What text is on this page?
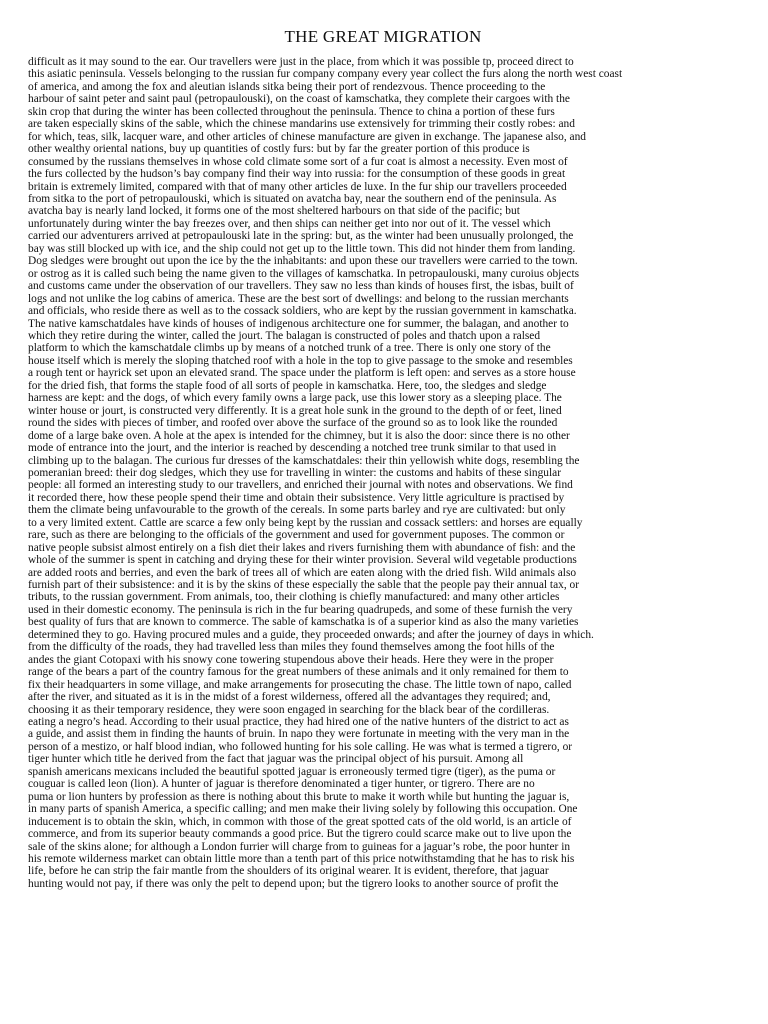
THE GREAT MIGRATION
difficult as it may sound to the ear. Our travellers were just in the place, from which it was possible tp, proceed direct to
this asiatic peninsula. Vessels belonging to the russian fur company company every year collect the furs along the north west coast
of america, and among the fox and aleutian islands sitka being their port of rendezvous. Thence proceeding to the
harbour of saint peter and saint paul (petropaulouski), on the coast of kamschatka, they complete their cargoes with the
skin crop that during the winter has been collected throughout the peninsula. Thence to china a portion of these furs
are taken especially skins of the sable, which the chinese mandarins use extensively for trimming their costly robes: and
for which, teas, silk, lacquer ware, and other articles of chinese manufacture are given in exchange. The japanese also, and
other wealthy oriental nations, buy up quantities of costly furs: but by far the greater portion of this produce is
consumed by the russians themselves in whose cold climate some sort of a fur coat is almost a necessity. Even most of
the furs collected by the hudson’s bay company find their way into russia: for the consumption of these goods in great
britain is extremely limited, compared with that of many other articles de luxe. In the fur ship our travellers proceeded
from sitka to the port of petropaulouski, which is situated on avatcha bay, near the southern end of the peninsula. As
avatcha bay is nearly land locked, it forms one of the most sheltered harbours on that side of the pacific; but
unfortunately during winter the bay freezes over, and then ships can neither get into nor out of it. The vessel which
carried our adventurers arrived at petropaulouski late in the spring: but, as the winter had been unusually prolonged, the
bay was still blocked up with ice, and the ship could not get up to the little town. This did not hinder them from landing.
Dog sledges were brought out upon the ice by the the inhabitants: and upon these our travellers were carried to the town.
or ostrog as it is called such being the name given to the villages of kamschatka. In petropaulouski, many curoius objects
and customs came under the observation of our travellers. They saw no less than kinds of houses first, the isbas, built of
logs and not unlike the log cabins of america. These are the best sort of dwellings: and belong to the russian merchants
and officials, who reside there as well as to the cossack soldiers, who are kept by the russian government in kamschatka.
The native kamschatdales have kinds of houses of indigenous architecture one for summer, the balagan, and another to
which they retire during the winter, called the jourt. The balagan is constructed of poles and thatch upon a ralsed
platform to which the kamschatdale climbs up by means of a notched trunk of a tree. There is only one story of the
house itself which is merely the sloping thatched roof with a hole in the top to give passage to the smoke and resembles
a rough tent or hayrick set upon an elevated srand. The space under the platform is left open: and serves as a store house
for the dried fish, that forms the staple food of all sorts of people in kamschatka. Here, too, the sledges and sledge
harness are kept: and the dogs, of which every family owns a large pack, use this lower story as a sleeping place. The
winter house or jourt, is constructed very differently. It is a great hole sunk in the ground to the depth of or feet, lined
round the sides with pieces of timber, and roofed over above the surface of the ground so as to look like the rounded
dome of a large bake oven. A hole at the apex is intended for the chimney, but it is also the door: since there is no other
mode of entrance into the jourt, and the interior is reached by descending a notched tree trunk similar to that used in
climbing up to the balagan. The curious fur dresses of the kamschatdales: their thin yellowish white dogs, resembling the
pomeranian breed: their dog sledges, which they use for travelling in winter: the customs and habits of these singular
people: all formed an interesting study to our travellers, and enriched their journal with notes and observations. We find
it recorded there, how these people spend their time and obtain their subsistence. Very little agriculture is practised by
them the climate being unfavourable to the growth of the cereals. In some parts barley and rye are cultivated: but only
to a very limited extent. Cattle are scarce a few only being kept by the russian and cossack settlers: and horses are equally
rare, such as there are belonging to the officials of the government and used for government puposes. The common or
native people subsist almost entirely on a fish diet their lakes and rivers furnishing them with abundance of fish: and the
whole of the summer is spent in catching and drying these for their winter provision. Several wild vegetable productions
are added roots and berries, and even the bark of trees all of which are eaten along with the dried fish. Wild animals also
furnish part of their subsistence: and it is by the skins of these especially the sable that the people pay their annual tax, or
tributs, to the russian government. From animals, too, their clothing is chiefly manufactured: and many other articles
used in their domestic economy. The peninsula is rich in the fur bearing quadrupeds, and some of these furnish the very
best quality of furs that are known to commerce. The sable of kamschatka is of a superior kind as also the many varieties
determined they to go. Having procured mules and a guide, they proceeded onwards; and after the journey of days in which.
from the difficulty of the roads, they had travelled less than miles they found themselves among the foot hills of the
andes the giant Cotopaxi with his snowy cone towering stupendous above their heads. Here they were in the proper
range of the bears a part of the country famous for the great numbers of these animals and it only remained for them to
fix their headquarters in some village, and make arrangements for prosecuting the chase. The little town of napo, called
after the river, and situated as it is in the midst of a forest wilderness, offered all the advantages they required; and,
choosing it as their temporary residence, they were soon engaged in searching for the black bear of the cordilleras.
eating a negro’s head. According to their usual practice, they had hired one of the native hunters of the district to act as
a guide, and assist them in finding the haunts of bruin. In napo they were fortunate in meeting with the very man in the
person of a mestizo, or half blood indian, who followed hunting for his sole calling. He was what is termed a tigrero, or
tiger hunter which title he derived from the fact that jaguar was the principal object of his pursuit. Among all
spanish americans mexicans included the beautiful spotted jaguar is erroneously termed tigre (tiger), as the puma or
couguar is called leon (lion). A hunter of jaguar is therefore denominated a tiger hunter, or tigrero. There are no
puma or lion hunters by profession as there is nothing about this brute to make it worth while but hunting the jaguar is,
in many parts of spanish America, a specific calling; and men make their living solely by following this occupation. One
inducement is to obtain the skin, which, in common with those of the great spotted cats of the old world, is an article of
commerce, and from its superior beauty commands a good price. But the tigrero could scarce make out to live upon the
sale of the skins alone; for although a London furrier will charge from to guineas for a jaguar’s robe, the poor hunter in
his remote wilderness market can obtain little more than a tenth part of this price notwithstamding that he has to risk his
life, before he can strip the fair mantle from the shoulders of its original wearer. It is evident, therefore, that jaguar
hunting would not pay, if there was only the pelt to depend upon; but the tigrero looks to another source of profit the
